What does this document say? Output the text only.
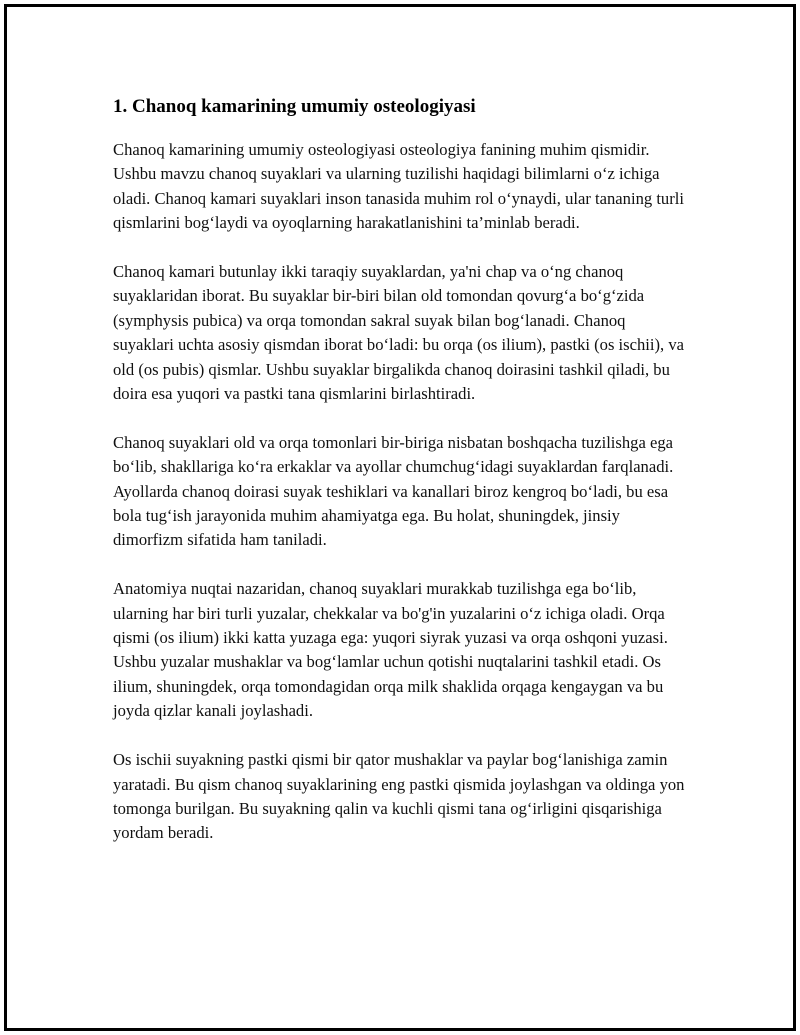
1. Chanoq kamarining umumiy osteologiyasi

Chanoq kamarining umumiy osteologiyasi osteologiya fanining muhim qismidir. Ushbu mavzu chanoq suyaklari va ularning tuzilishi haqidagi bilimlarni o‘z ichiga oladi. Chanoq kamari suyaklari inson tanasida muhim rol o‘ynaydi, ular tananing turli qismlarini bog‘laydi va oyoqlarning harakatlanishini ta’minlab beradi.

Chanoq kamari butunlay ikki taraqiy suyaklardan, ya'ni chap va o‘ng chanoq suyaklaridan iborat. Bu suyaklar bir-biri bilan old tomondan qovurg‘a bo‘g‘zida (symphysis pubica) va orqa tomondan sakral suyak bilan bog‘lanadi. Chanoq suyaklari uchta asosiy qismdan iborat bo‘ladi: bu orqa (os ilium), pastki (os ischii), va old (os pubis) qismlar. Ushbu suyaklar birgalikda chanoq doirasini tashkil qiladi, bu doira esa yuqori va pastki tana qismlarini birlashtiradi.

Chanoq suyaklari old va orqa tomonlari bir-biriga nisbatan boshqacha tuzilishga ega bo‘lib, shakllariga ko‘ra erkaklar va ayollar chumchug‘idagi suyaklardan farqlanadi. Ayollarda chanoq doirasi suyak teshiklari va kanallari biroz kengroq bo‘ladi, bu esa bola tug‘ish jarayonida muhim ahamiyatga ega. Bu holat, shuningdek, jinsiy dimorfizm sifatida ham taniladi.

Anatomiya nuqtai nazaridan, chanoq suyaklari murakkab tuzilishga ega bo‘lib, ularning har biri turli yuzalar, chekkalar va bo'g'in yuzalarini o‘z ichiga oladi. Orqa qismi (os ilium) ikki katta yuzaga ega: yuqori siyrak yuzasi va orqa oshqoni yuzasi. Ushbu yuzalar mushaklar va bog‘lamlar uchun qotishi nuqtalarini tashkil etadi. Os ilium, shuningdek, orqa tomondagidan orqa milk shaklida orqaga kengaygan va bu joyda qizlar kanali joylashadi.

Os ischii suyakning pastki qismi bir qator mushaklar va paylar bog‘lanishiga zamin yaratadi. Bu qism chanoq suyaklarining eng pastki qismida joylashgan va oldinga yon tomonga burilgan. Bu suyakning qalin va kuchli qismi tana og‘irligini qisqarishiga yordam beradi.
